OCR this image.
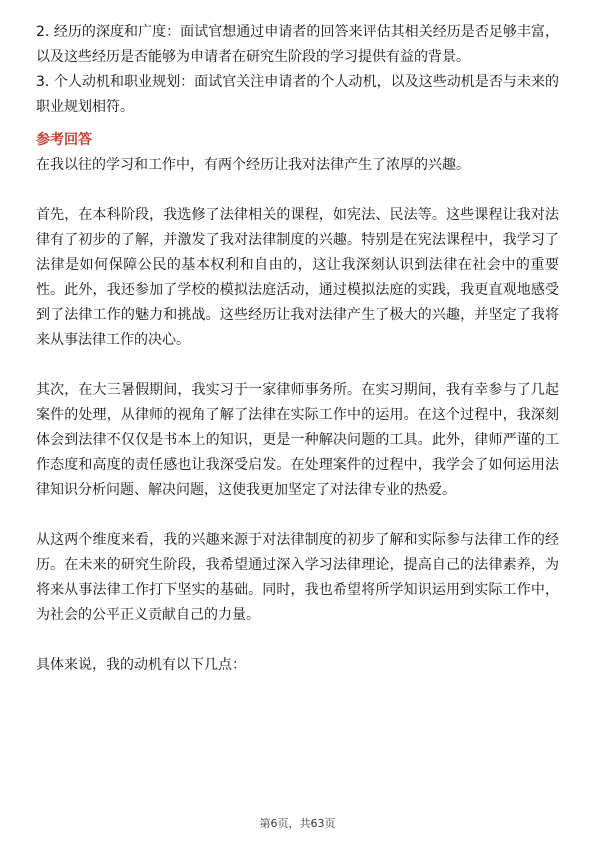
2. 经历的深度和广度：面试官想通过申请者的回答来评估其相关经历是否足够丰富，以及这些经历是否能够为申请者在研究生阶段的学习提供有益的背景。

3. 个人动机和职业规划：面试官关注申请者的个人动机，以及这些动机是否与未来的职业规划相符。

参考回答

在我以往的学习和工作中，有两个经历让我对法律产生了浓厚的兴趣。

首先，在本科阶段，我选修了法律相关的课程，如宪法、民法等。这些课程让我对法律有了初步的了解，并激发了我对法律制度的兴趣。特别是在宪法课程中，我学习了法律是如何保障公民的基本权利和自由的，这让我深刻认识到法律在社会中的重要性。此外，我还参加了学校的模拟法庭活动，通过模拟法庭的实践，我更直观地感受到了法律工作的魅力和挑战。这些经历让我对法律产生了极大的兴趣，并坚定了我将来从事法律工作的决心。

其次，在大三暑假期间，我实习于一家律师事务所。在实习期间，我有幸参与了几起案件的处理，从律师的视角了解了法律在实际工作中的运用。在这个过程中，我深刻体会到法律不仅仅是书本上的知识，更是一种解决问题的工具。此外，律师严谨的工作态度和高度的责任感也让我深受启发。在处理案件的过程中，我学会了如何运用法律知识分析问题、解决问题，这使我更加坚定了对法律专业的热爱。

从这两个维度来看，我的兴趣来源于对法律制度的初步了解和实际参与法律工作的经历。在未来的研究生阶段，我希望通过深入学习法律理论，提高自己的法律素养，为将来从事法律工作打下坚实的基础。同时，我也希望将所学知识运用到实际工作中，为社会的公平正义贡献自己的力量。

具体来说，我的动机有以下几点：

第6页，共63页
